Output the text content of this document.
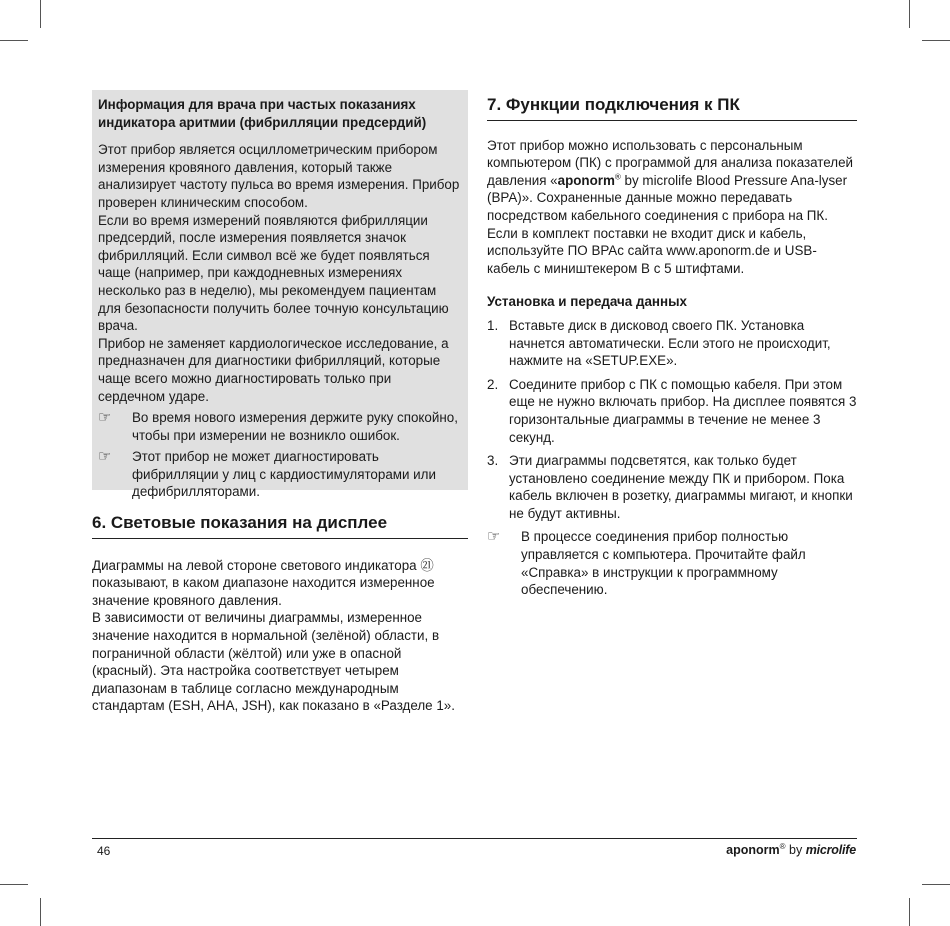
Информация для врача при частых показаниях индикатора аритмии (фибрилляции предсердий)

Этот прибор является осциллометрическим прибором измерения кровяного давления, который также анализирует частоту пульса во время измерения. Прибор проверен клиническим способом.

Если во время измерений появляются фибрилляции предсердий, после измерения появляется значок фибрилляций. Если символ всё же будет появляться чаще (например, при каждодневных измерениях несколько раз в неделю), мы рекомендуем пациентам для безопасности получить более точную консультацию врача.

Прибор не заменяет кардиологическое исследование, а предназначен для диагностики фибрилляций, которые чаще всего можно диагностировать только при сердечном ударе.

☞	Во время нового измерения держите руку спокойно, чтобы при измерении не возникло ошибок.
☞	Этот прибор не может диагностировать фибрилляции у лиц с кардиостимуляторами или дефибрилляторами.
6. Световые показания на дисплее

Диаграммы на левой стороне светового индикатора ㉑ показывают, в каком диапазоне находится измеренное значение кровяного давления.

В зависимости от величины диаграммы, измеренное значение находится в нормальной (зелёной) области, в пограничной области (жёлтой) или уже в опасной (красный). Эта настройка соответствует четырем диапазонам в таблице согласно международным стандартам (ESH, AHA, JSH), как показано в «Разделе 1».

7. Функции подключения к ПК

Этот прибор можно использовать с персональным компьютером (ПК) с программой для анализа показателей давления «aponorm® by microlife Blood Pressure Ana-lyser (BPA)». Сохраненные данные можно передавать посредством кабельного соединения с прибора на ПК. Если в комплект поставки не входит диск и кабель, используйте ПО BPAc сайта www.aponorm.de и USB-кабель с миништекером B с 5 штифтами.

Установка и передача данных

1. Вставьте диск в дисковод своего ПК. Установка начнется автоматически. Если этого не происходит, нажмите на «SETUP.EXE».
2. Соедините прибор с ПК с помощью кабеля. При этом еще не нужно включать прибор. На дисплее появятся 3 горизонтальные диаграммы в течение не менее 3 секунд.
3. Эти диаграммы подсветятся, как только будет установлено соединение между ПК и прибором. Пока кабель включен в розетку, диаграммы мигают, и кнопки не будут активны.
☞	В процессе соединения прибор полностью управляется с компьютера. Прочитайте файл «Справка» в инструкции к программному обеспечению.
46	aponorm® by microlife
